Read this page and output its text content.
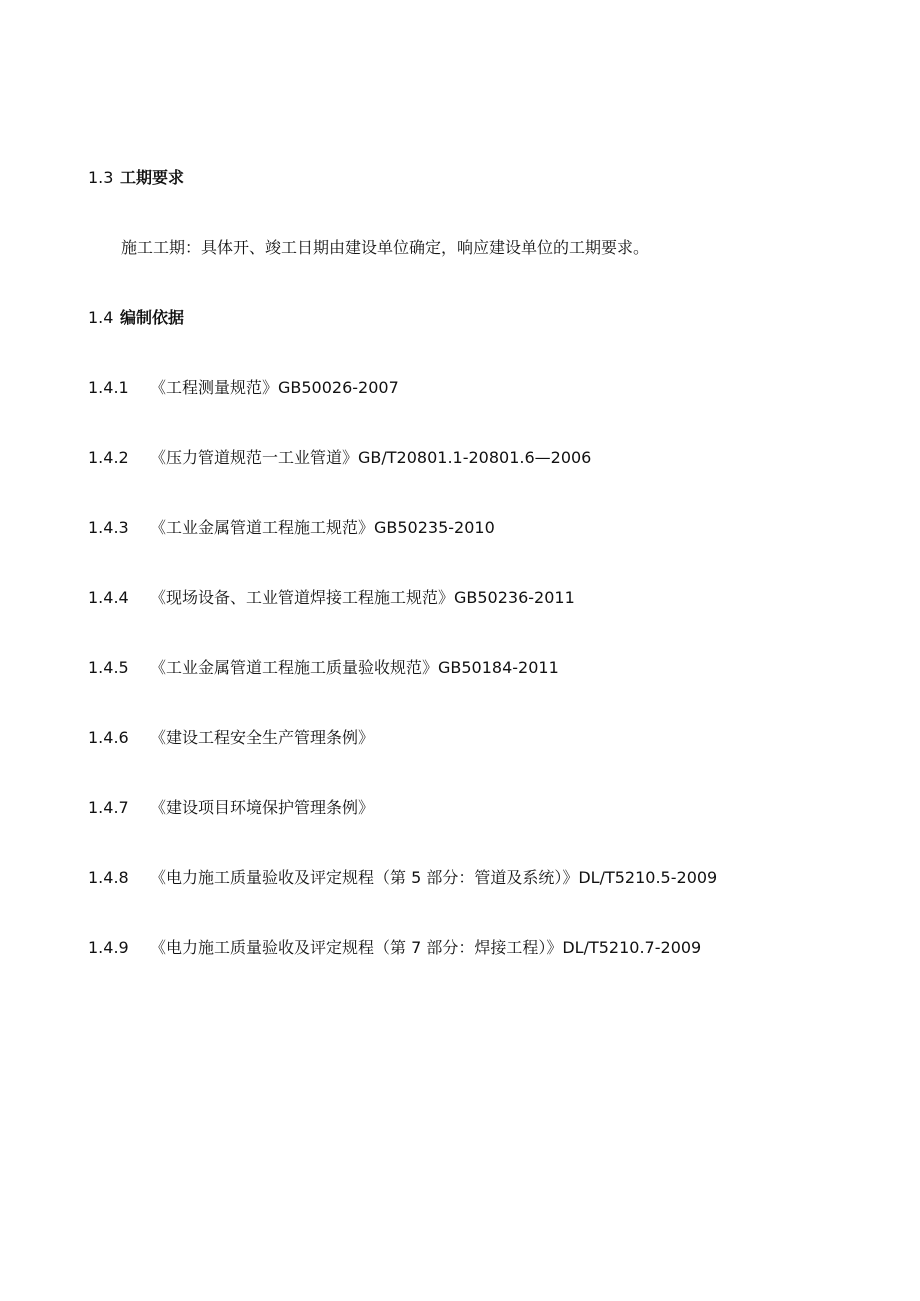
1.3 工期要求
施工工期：具体开、竣工日期由建设单位确定，响应建设单位的工期要求。
1.4 编制依据
1.4.1 《工程测量规范》GB50026-2007
1.4.2 《压力管道规范一工业管道》GB/T20801.1-20801.6—2006
1.4.3 《工业金属管道工程施工规范》GB50235-2010
1.4.4 《现场设备、工业管道焊接工程施工规范》GB50236-2011
1.4.5 《工业金属管道工程施工质量验收规范》GB50184-2011
1.4.6 《建设工程安全生产管理条例》
1.4.7 《建设项目环境保护管理条例》
1.4.8 《电力施工质量验收及评定规程（第 5 部分：管道及系统）》DL/T5210.5-2009
1.4.9 《电力施工质量验收及评定规程（第 7 部分：焊接工程）》DL/T5210.7-2009
